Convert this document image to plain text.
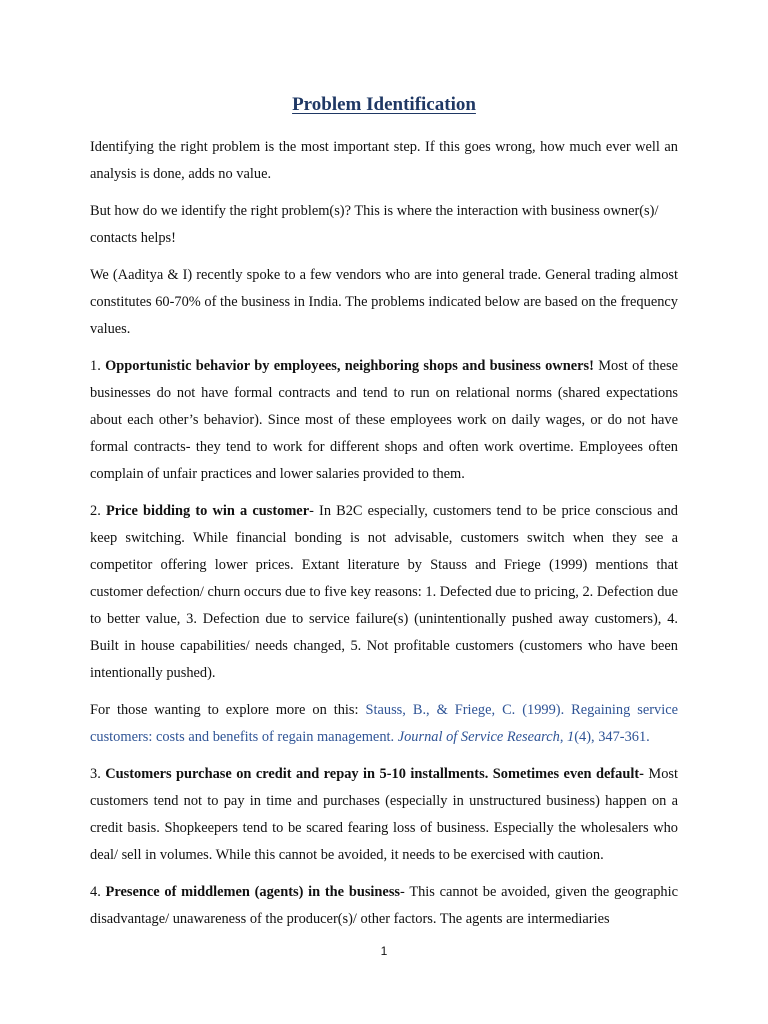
Problem Identification

Identifying the right problem is the most important step. If this goes wrong, how much ever well an analysis is done, adds no value.

But how do we identify the right problem(s)? This is where the interaction with business owner(s)/ contacts helps!

We (Aaditya & I) recently spoke to a few vendors who are into general trade. General trading almost constitutes 60-70% of the business in India. The problems indicated below are based on the frequency values.

1. Opportunistic behavior by employees, neighboring shops and business owners! Most of these businesses do not have formal contracts and tend to run on relational norms (shared expectations about each other’s behavior). Since most of these employees work on daily wages, or do not have formal contracts- they tend to work for different shops and often work overtime. Employees often complain of unfair practices and lower salaries provided to them.

2. Price bidding to win a customer- In B2C especially, customers tend to be price conscious and keep switching. While financial bonding is not advisable, customers switch when they see a competitor offering lower prices. Extant literature by Stauss and Friege (1999) mentions that customer defection/ churn occurs due to five key reasons: 1. Defected due to pricing, 2. Defection due to better value, 3. Defection due to service failure(s) (unintentionally pushed away customers), 4. Built in house capabilities/ needs changed, 5. Not profitable customers (customers who have been intentionally pushed).

For those wanting to explore more on this: Stauss, B., & Friege, C. (1999). Regaining service customers: costs and benefits of regain management. Journal of Service Research, 1(4), 347-361.

3. Customers purchase on credit and repay in 5-10 installments. Sometimes even default- Most customers tend not to pay in time and purchases (especially in unstructured business) happen on a credit basis. Shopkeepers tend to be scared fearing loss of business. Especially the wholesalers who deal/ sell in volumes. While this cannot be avoided, it needs to be exercised with caution.

4. Presence of middlemen (agents) in the business- This cannot be avoided, given the geographic disadvantage/ unawareness of the producer(s)/ other factors. The agents are intermediaries

1
